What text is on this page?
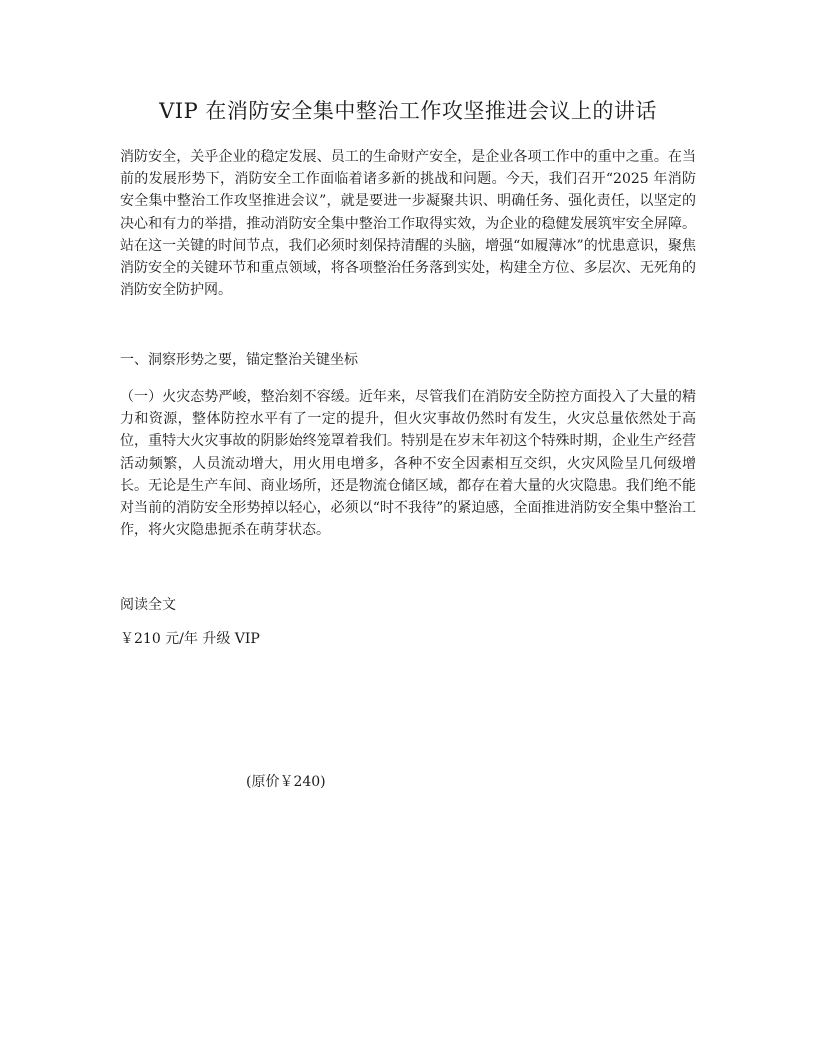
VIP 在消防安全集中整治工作攻坚推进会议上的讲话

消防安全，关乎企业的稳定发展、员工的生命财产安全，是企业各项工作中的重中之重。在当前的发展形势下，消防安全工作面临着诸多新的挑战和问题。今天，我们召开“2025 年消防安全集中整治工作攻坚推进会议”，就是要进一步凝聚共识、明确任务、强化责任，以坚定的决心和有力的举措，推动消防安全集中整治工作取得实效，为企业的稳健发展筑牢安全屏障。站在这一关键的时间节点，我们必须时刻保持清醒的头脑，增强“如履薄冰”的忧患意识，聚焦消防安全的关键环节和重点领域，将各项整治任务落到实处，构建全方位、多层次、无死角的消防安全防护网。

一、洞察形势之要，锚定整治关键坐标

（一）火灾态势严峻，整治刻不容缓。近年来，尽管我们在消防安全防控方面投入了大量的精力和资源，整体防控水平有了一定的提升，但火灾事故仍然时有发生，火灾总量依然处于高位，重特大火灾事故的阴影始终笼罩着我们。特别是在岁末年初这个特殊时期，企业生产经营活动频繁，人员流动增大，用火用电增多，各种不安全因素相互交织，火灾风险呈几何级增长。无论是生产车间、商业场所，还是物流仓储区域，都存在着大量的火灾隐患。我们绝不能对当前的消防安全形势掉以轻心，必须以“时不我待”的紧迫感，全面推进消防安全集中整治工作，将火灾隐患扼杀在萌芽状态。

阅读全文

￥210 元/年 升级 VIP

(原价￥240)
